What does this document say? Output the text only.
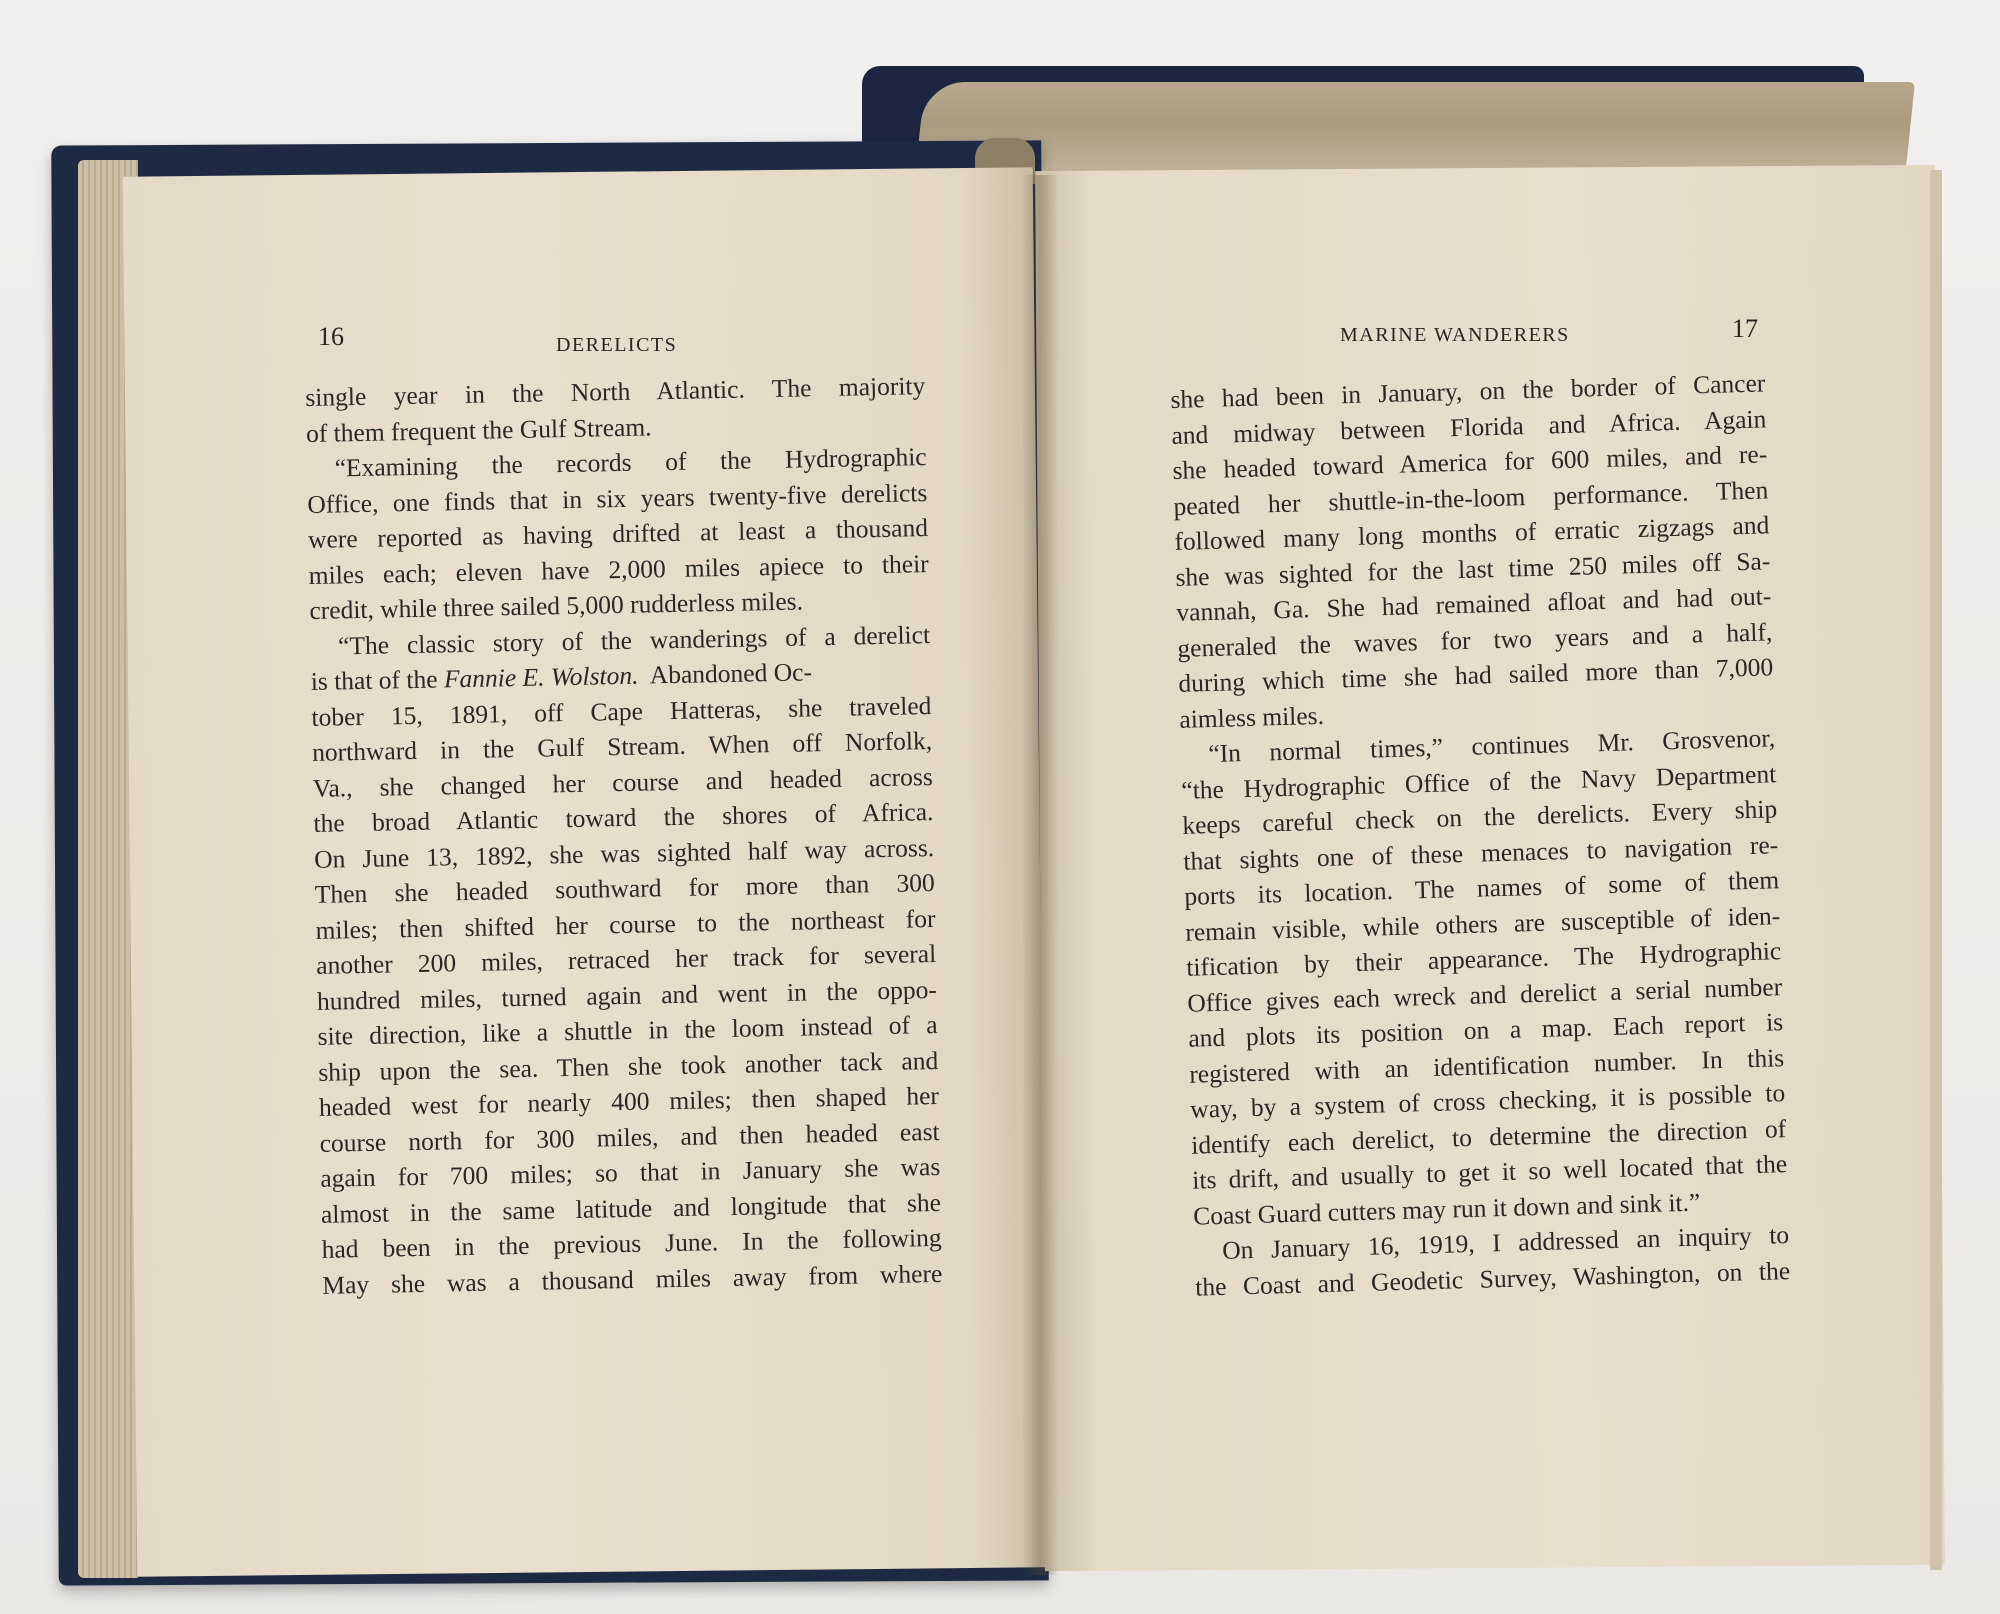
16	DERELICTS	MARINE WANDERERS	17
single year in the North Atlantic. The majority
of them frequent the Gulf Stream.
“Examining the records of the Hydrographic
Office, one finds that in six years twenty-five derelicts
were reported as having drifted at least a thousand
miles each; eleven have 2,000 miles apiece to their
credit, while three sailed 5,000 rudderless miles.
“The classic story of the wanderings of a derelict
is that of the Fannie E. Wolston.  Abandoned Oc-
tober 15, 1891, off Cape Hatteras, she traveled
northward in the Gulf Stream. When off Norfolk,
Va., she changed her course and headed across
the broad Atlantic toward the shores of Africa.
On June 13, 1892, she was sighted half way across.
Then she headed southward for more than 300
miles; then shifted her course to the northeast for
another 200 miles, retraced her track for several
hundred miles, turned again and went in the oppo-
site direction, like a shuttle in the loom instead of a
ship upon the sea. Then she took another tack and
headed west for nearly 400 miles; then shaped her
course north for 300 miles, and then headed east
again for 700 miles; so that in January she was
almost in the same latitude and longitude that she
had been in the previous June. In the following
May she was a thousand miles away from where
she had been in January, on the border of Cancer
and midway between Florida and Africa. Again
she headed toward America for 600 miles, and re-
peated her shuttle-in-the-loom performance. Then
followed many long months of erratic zigzags and
she was sighted for the last time 250 miles off Sa-
vannah, Ga. She had remained afloat and had out-
generaled the waves for two years and a half,
during which time she had sailed more than 7,000
aimless miles.
“In normal times,” continues Mr. Grosvenor,
“the Hydrographic Office of the Navy Department
keeps careful check on the derelicts. Every ship
that sights one of these menaces to navigation re-
ports its location. The names of some of them
remain visible, while others are susceptible of iden-
tification by their appearance. The Hydrographic
Office gives each wreck and derelict a serial number
and plots its position on a map. Each report is
registered with an identification number. In this
way, by a system of cross checking, it is possible to
identify each derelict, to determine the direction of
its drift, and usually to get it so well located that the
Coast Guard cutters may run it down and sink it.”
On January 16, 1919, I addressed an inquiry to
the Coast and Geodetic Survey, Washington, on the
